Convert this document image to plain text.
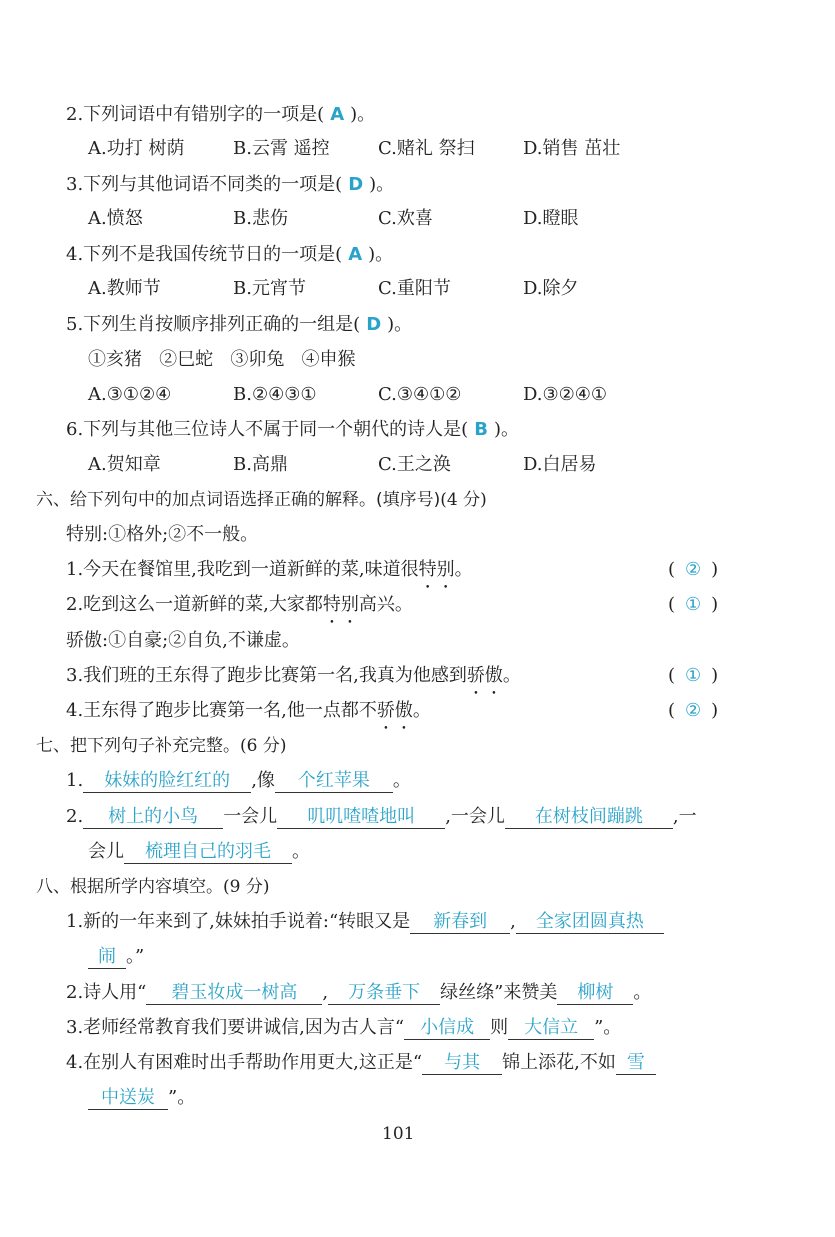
2.下列词语中有错别字的一项是( A )。
A.功打 树荫	B.云霄 遥控	C.赌礼 祭扫	D.销售 茁壮
3.下列与其他词语不同类的一项是( D )。
A.愤怒	B.悲伤	C.欢喜	D.瞪眼
4.下列不是我国传统节日的一项是( A )。
A.教师节	B.元宵节	C.重阳节	D.除夕
5.下列生肖按顺序排列正确的一组是( D )。
①亥猪   ②巳蛇   ③卯兔   ④申猴
A.③①②④	B.②④③①	C.③④①②	D.③②④①
6.下列与其他三位诗人不属于同一个朝代的诗人是( B )。
A.贺知章	B.高鼎	C.王之涣	D.白居易
六、给下列句中的加点词语选择正确的解释。(填序号)(4 分)
特别:①格外;②不一般。
1.今天在餐馆里,我吃到一道新鲜的菜,味道很特别。	( ② )
2.吃到这么一道新鲜的菜,大家都特别高兴。	( ① )
骄傲:①自豪;②自负,不谦虚。
3.我们班的王东得了跑步比赛第一名,我真为他感到骄傲。	( ① )
4.王东得了跑步比赛第一名,他一点都不骄傲。	( ② )
七、把下列句子补充完整。(6 分)
1. 妹妹的脸红红的 ,像 个红苹果 。
2. 树上的小鸟 一会儿 叽叽喳喳地叫 ,一会儿 在树枝间蹦跳 ,一
会儿 梳理自己的羽毛 。
八、根据所学内容填空。(9 分)
1.新的一年来到了,妹妹拍手说着:“转眼又是 新春到 , 全家团圆真热
闹 。”
2.诗人用“ 碧玉妆成一树高 , 万条垂下 绿丝绦”来赞美 柳树 。
3.老师经常教育我们要讲诚信,因为古人言“ 小信成 则 大信立 ”。
4.在别人有困难时出手帮助作用更大,这正是“ 与其 锦上添花,不如 雪
中送炭 ”。
101
